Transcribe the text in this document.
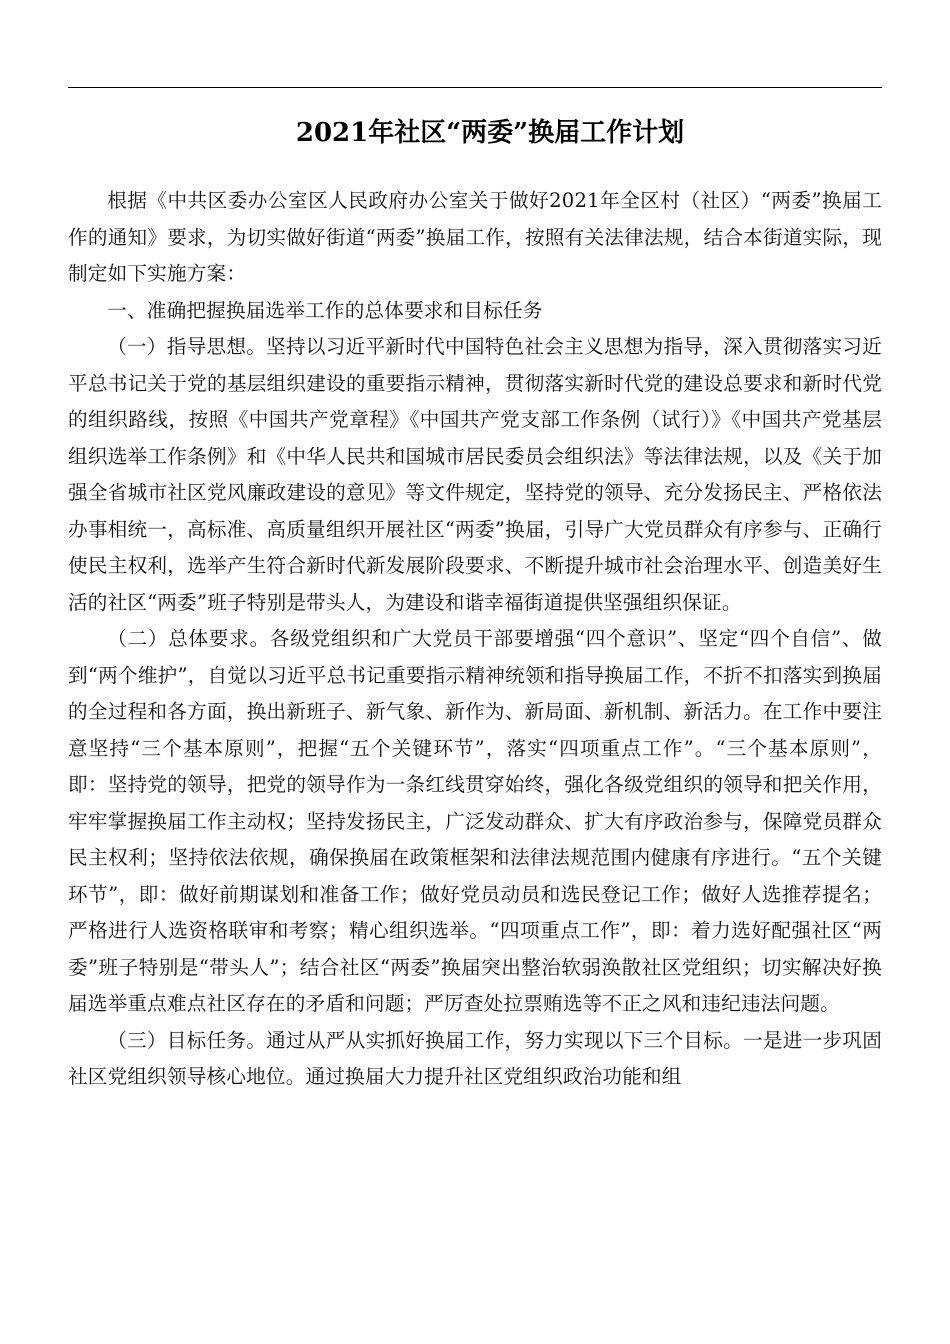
2021年社区“两委”换届工作计划

根据《中共区委办公室区人民政府办公室关于做好2021年全区村（社区）“两委”换届工作的通知》要求，为切实做好街道“两委”换届工作，按照有关法律法规，结合本街道实际，现制定如下实施方案：

一、准确把握换届选举工作的总体要求和目标任务

（一）指导思想。坚持以习近平新时代中国特色社会主义思想为指导，深入贯彻落实习近平总书记关于党的基层组织建设的重要指示精神，贯彻落实新时代党的建设总要求和新时代党的组织路线，按照《中国共产党章程》《中国共产党支部工作条例（试行）》《中国共产党基层组织选举工作条例》和《中华人民共和国城市居民委员会组织法》等法律法规，以及《关于加强全省城市社区党风廉政建设的意见》等文件规定，坚持党的领导、充分发扬民主、严格依法办事相统一，高标准、高质量组织开展社区“两委”换届，引导广大党员群众有序参与、正确行使民主权利，选举产生符合新时代新发展阶段要求、不断提升城市社会治理水平、创造美好生活的社区“两委”班子特别是带头人，为建设和谐幸福街道提供坚强组织保证。

（二）总体要求。各级党组织和广大党员干部要增强“四个意识”、坚定“四个自信”、做到“两个维护”，自觉以习近平总书记重要指示精神统领和指导换届工作，不折不扣落实到换届的全过程和各方面，换出新班子、新气象、新作为、新局面、新机制、新活力。在工作中要注意坚持“三个基本原则”，把握“五个关键环节”，落实“四项重点工作”。“三个基本原则”，即：坚持党的领导，把党的领导作为一条红线贯穿始终，强化各级党组织的领导和把关作用，牢牢掌握换届工作主动权；坚持发扬民主，广泛发动群众、扩大有序政治参与，保障党员群众民主权利；坚持依法依规，确保换届在政策框架和法律法规范围内健康有序进行。“五个关键环节”，即：做好前期谋划和准备工作；做好党员动员和选民登记工作；做好人选推荐提名；严格进行人选资格联审和考察；精心组织选举。“四项重点工作”，即：着力选好配强社区“两委”班子特别是“带头人”；结合社区“两委”换届突出整治软弱涣散社区党组织；切实解决好换届选举重点难点社区存在的矛盾和问题；严厉查处拉票贿选等不正之风和违纪违法问题。

（三）目标任务。通过从严从实抓好换届工作，努力实现以下三个目标。一是进一步巩固社区党组织领导核心地位。通过换届大力提升社区党组织政治功能和组
